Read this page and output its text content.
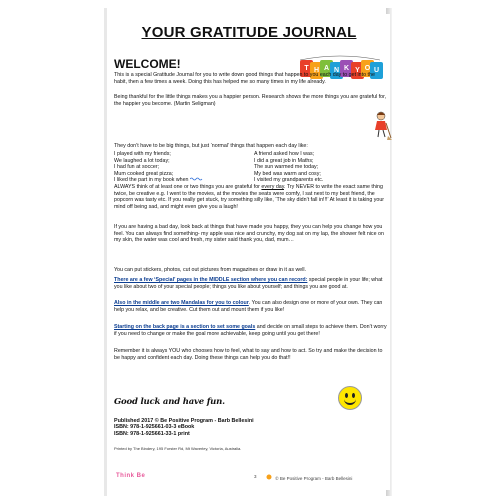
YOUR GRATITUDE JOURNAL
WELCOME!	T H A N K Y O U
This is a special Gratitude Journal for you to write down good things that happen to you each day to get into the habit, then a few times a week. Doing this has helped me so many times in my life already.
Being thankful for the little things makes you a happier person. Research shows the more things you are grateful for, the happier you become. (Martin Seligman)
They don’t have to be big things, but just ‘normal’ things that happen each day like:
I played with my friends;
We laughed a lot today;
I had fun at soccer;
Mum cooked great pizza;
I liked the part in my book when
A friend asked how I was;
I did a great job in Maths;
The sun warmed me today;
My bed was warm and cosy;
I visited my grandparents etc.
ALWAYS think of at least one or two things you are grateful for every day. Try NEVER to write the exact same thing twice, be creative e.g. I went to the movies, at the movies the seats were comfy, I sat next to my best friend, the popcorn was tasty etc. If you really get stuck, try something silly like, ‘The sky didn’t fall in!!!’ At least it is taking your mind off being sad, and might even give you a laugh!
If you are having a bad day, look back at things that have made you happy, they you can help you change how you feel. You can always find something- my apple was nice and crunchy, my dog sat on my lap, the shower felt nice on my skin, the water was cool and fresh, my sister said thank you, dad, mum…
You can put stickers, photos, cut out pictures from magazines or draw in it as well.
There are a few ‘Special’ pages in the MIDDLE section where you can record: special people in your life; what you like about two of your special people; things you like about yourself; and things you are good at.
Also in the middle are two Mandalas for you to colour. You can also design one or more of your own. They can help you relax, and be creative. Cut them out and mount them if you like!
Starting on the back page is a section to set some goals and decide on small steps to achieve them. Don’t worry if you need to change or make the goal more achievable, keep going until you get there!
Remember it is always YOU who chooses how to feel, what to say and how to act. So try and make the decision to be happy and confident each day. Doing these things can help you do that!!
Good luck and have fun.
Published 2017 © Be Positive Program - Barb Bellesini
ISBN: 978-1-925661-03-3 eBook
ISBN: 978-1-925661-33-1 print
Printed by The Bindery, 195 Forster Rd, Mt Waverley, Victoria, Australia.
Think Be	3	© Be Positive Program - Barb Bellesini
